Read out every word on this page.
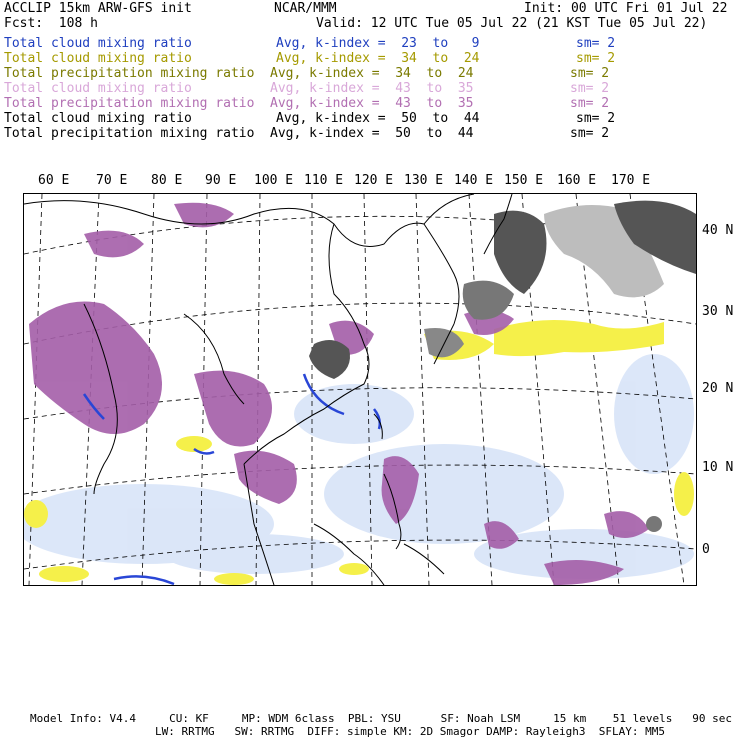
ACCLIP 15km ARW-GFS init	NCAR/MMM	Init: 00 UTC Fri 01 Jul 22
Fcst:  108 h	Valid: 12 UTC Tue 05 Jul 22 (21 KST Tue 05 Jul 22)
Total cloud mixing ratio	Avg, k-index =  23  to   9	sm= 2
Total cloud mixing ratio	Avg, k-index =  34  to  24	sm= 2
Total precipitation mixing ratio Avg, k-index =  34  to  24	sm= 2
Total cloud mixing ratio	Avg, k-index =  43  to  35	sm= 2
Total precipitation mixing ratio Avg, k-index =  43  to  35	sm= 2
Total cloud mixing ratio	Avg, k-index =  50  to  44	sm= 2
Total precipitation mixing ratio Avg, k-index =  50  to  44	sm= 2
60 E 70 E 80 E 90 E 100 E 110 E 120 E 130 E 140 E 150 E 160 E 170 E
40 N
30 N
20 N
10 N
0
Model Info: V4.4     CU: KF     MP: WDM 6class  PBL: YSU      SF: Noah LSM     15 km    51 levels   90 sec
LW: RRTMG   SW: RRTMG  DIFF: simple KM: 2D Smagor DAMP: Rayleigh3  SFLAY: MM5
